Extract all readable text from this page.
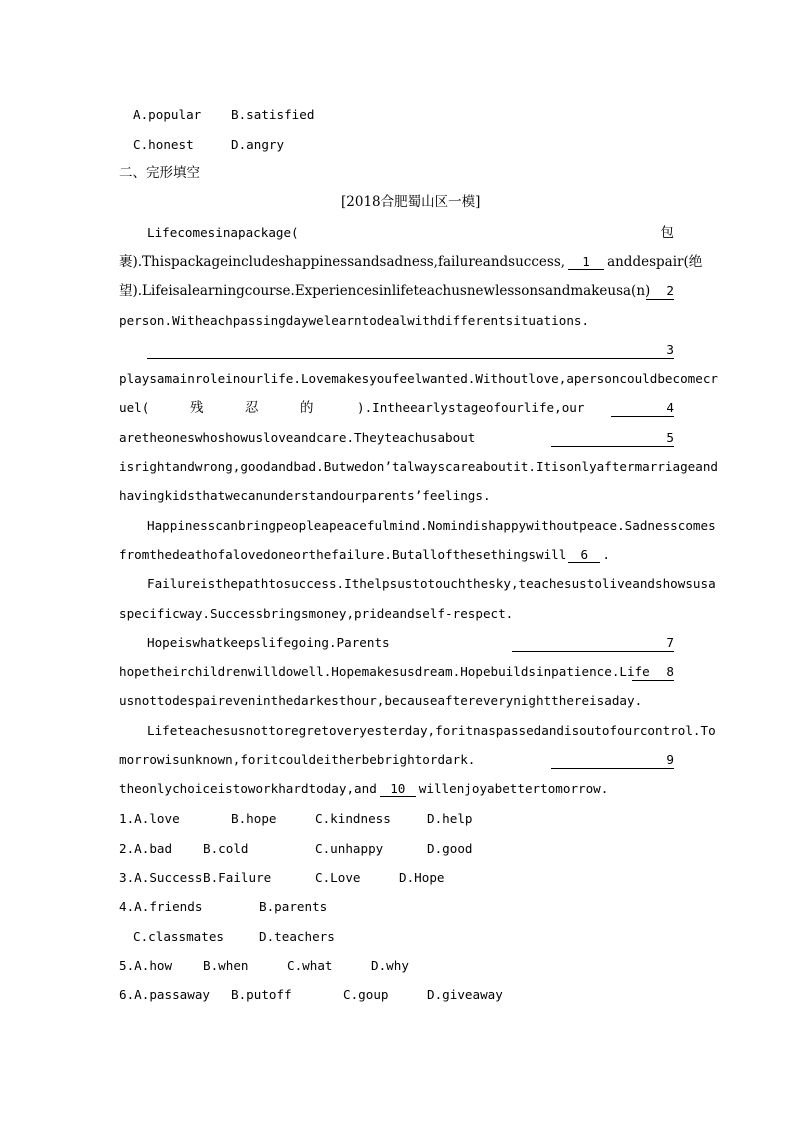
A.popular B.satisfied
C.honest	D.angry
二、完形填空
[2018合肥蜀山区一模]
Lifecomesinapackage(	包
裹).Thispackageincludeshappinessandsadness,failureandsuccess, 1 anddespair(绝
望).Lifeisalearningcourse.Experiencesinlifeteachusnewlessonsandmakeusa(n)	2
person.Witheachpassingdaywelearntodealwithdifferentsituations.
3
playsamainroleinourlife.Lovemakesyoufeelwanted.Withoutlove,apersoncouldbecomecr
uel(	残	忍	的	).Intheearlystageofourlife,our	4
aretheoneswhoshowusloveandcare.Theyteachusabout	5
isrightandwrong,goodandbad.Butwedon’talwayscareaboutit.Itisonlyaftermarriageand
havingkidsthatwecanunderstandourparents’feelings.
Happinesscanbringpeopleapeacefulmind.Nomindishappywithoutpeace.Sadnesscomes
fromthedeathofalovedoneorthefailure.Butallofthesethingswill 6 .
Failureisthepathtosuccess.Ithelpsustotouchthesky,teachesustoliveandshowsusa
specificway.Successbringsmoney,prideandself-respect.
Hopeiswhatkeepslifegoing.Parents	7
hopetheirchildrenwilldowell.Hopemakesusdream.Hopebuildsinpatience.Life	8
usnottodespaireveninthedarkesthour,becauseaftereverynightthereisaday.
Lifeteachesusnottoregretoveryesterday,foritnaspassedandisoutofourcontrol.To
morrowisunknown,foritcouldeitherbebrightordark.	9
theonlychoiceistoworkhardtoday,and 10 willenjoyabettertomorrow.
1.A.love	B.hope	C.kindness	D.help
2.A.bad B.cold	C.unhappy	D.good
3.A.Success B.Failure	C.Love	D.Hope
4.A.friends	B.parents
C.classmates	D.teachers
5.A.how B.when	C.what	D.why
6.A.passaway B.putoff	C.goup	D.giveaway
